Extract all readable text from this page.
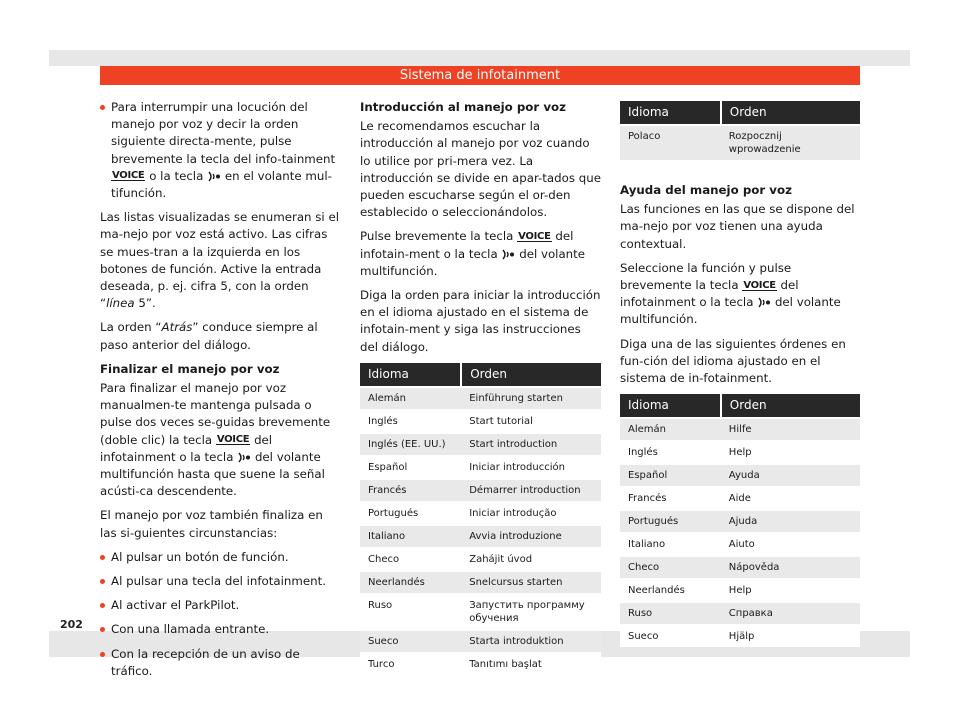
Sistema de infotainment
202

Para interrumpir una locución del manejo por voz y decir la orden siguiente directa-mente, pulse brevemente la tecla del info-tainment VOICE o la tecla en el volante mul-tifunción.

Las listas visualizadas se enumeran si el ma-nejo por voz está activo. Las cifras se mues-tran a la izquierda en los botones de función. Active la entrada deseada, p. ej. cifra 5, con la orden “línea 5”.

La orden “Atrás” conduce siempre al paso anterior del diálogo.

Finalizar el manejo por voz

Para finalizar el manejo por voz manualmen-te mantenga pulsada o pulse dos veces se-guidas brevemente (doble clic) la tecla VOICE del infotainment o la tecla del volante multifunción hasta que suene la señal acústi-ca descendente.

El manejo por voz también finaliza en las si-guientes circunstancias:

Al pulsar un botón de función.

Al pulsar una tecla del infotainment.

Al activar el ParkPilot.

Con una llamada entrante.

Con la recepción de un aviso de tráfico.

Introducción al manejo por voz

Le recomendamos escuchar la introducción al manejo por voz cuando lo utilice por pri-mera vez. La introducción se divide en apar-tados que pueden escucharse según el or-den establecido o seleccionándolos.

Pulse brevemente la tecla VOICE del infotain-ment o la tecla del volante multifunción.

Diga la orden para iniciar la introducción en el idioma ajustado en el sistema de infotain-ment y siga las instrucciones del diálogo.

Idioma	Orden
Alemán	Einführung starten
Inglés	Start tutorial
Inglés (EE. UU.)	Start introduction
Español	Iniciar introducción
Francés	Démarrer introduction
Portugués	Iniciar introdução
Italiano	Avvia introduzione
Checo	Zahájit úvod
Neerlandés	Snelcursus starten
Ruso	Запустить программу обучения
Sueco	Starta introduktion
Turco	Tanıtımı başlat
Idioma	Orden
Polaco	Rozpocznij wprowadzenie
Ayuda del manejo por voz

Las funciones en las que se dispone del ma-nejo por voz tienen una ayuda contextual.

Seleccione la función y pulse brevemente la tecla VOICE del infotainment o la tecla del volante multifunción.

Diga una de las siguientes órdenes en fun-ción del idioma ajustado en el sistema de in-fotainment.

Idioma	Orden
Alemán	Hilfe
Inglés	Help
Español	Ayuda
Francés	Aide
Portugués	Ajuda
Italiano	Aiuto
Checo	Nápověda
Neerlandés	Help
Ruso	Справка
Sueco	Hjälp
